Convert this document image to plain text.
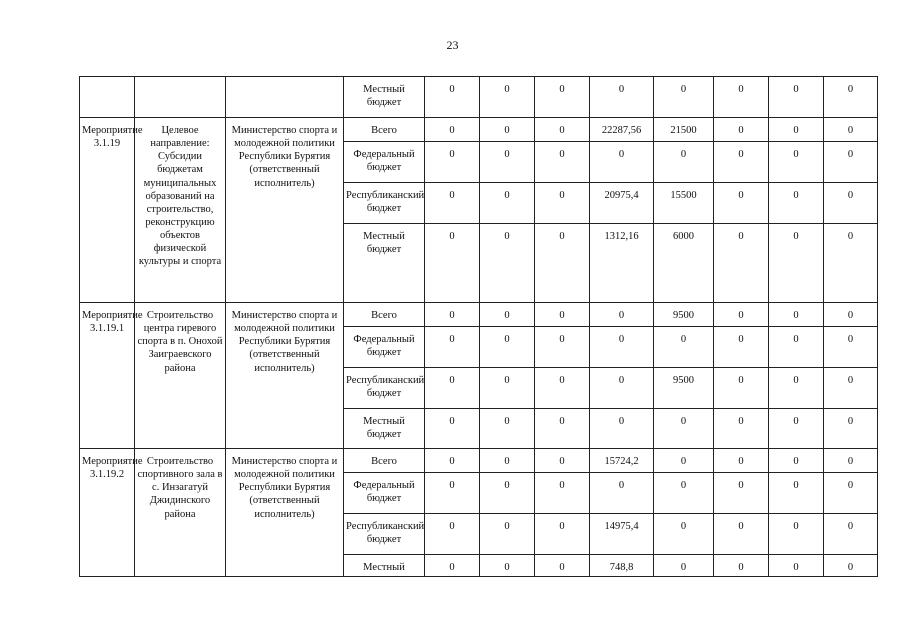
23
			Местный бюджет	0	0	0	0	0	0	0	0
Мероприятие 3.1.19	Целевое направление: Субсидии бюджетам муниципальных образований на строительство, реконструкцию объектов физической культуры и спорта	Министерство спорта и молодежной политики Республики Бурятия (ответственный исполнитель)	Всего	0	0	0	22287,56	21500	0	0	0
			Федеральный бюджет	0	0	0	0	0	0	0	0
			Республиканский бюджет	0	0	0	20975,4	15500	0	0	0
			Местный бюджет	0	0	0	1312,16	6000	0	0	0
Мероприятие 3.1.19.1	Строительство центра гиревого спорта в п. Онохой Заиграевского района	Министерство спорта и молодежной политики Республики Бурятия (ответственный исполнитель)	Всего	0	0	0	0	9500	0	0	0
			Федеральный бюджет	0	0	0	0	0	0	0	0
			Республиканский бюджет	0	0	0	0	9500	0	0	0
			Местный бюджет	0	0	0	0	0	0	0	0
Мероприятие 3.1.19.2	Строительство спортивного зала в с. Инзагатуй Джидинского района	Министерство спорта и молодежной политики Республики Бурятия (ответственный исполнитель)	Всего	0	0	0	15724,2	0	0	0	0
			Федеральный бюджет	0	0	0	0	0	0	0	0
			Республиканский бюджет	0	0	0	14975,4	0	0	0	0
			Местный	0	0	0	748,8	0	0	0	0
